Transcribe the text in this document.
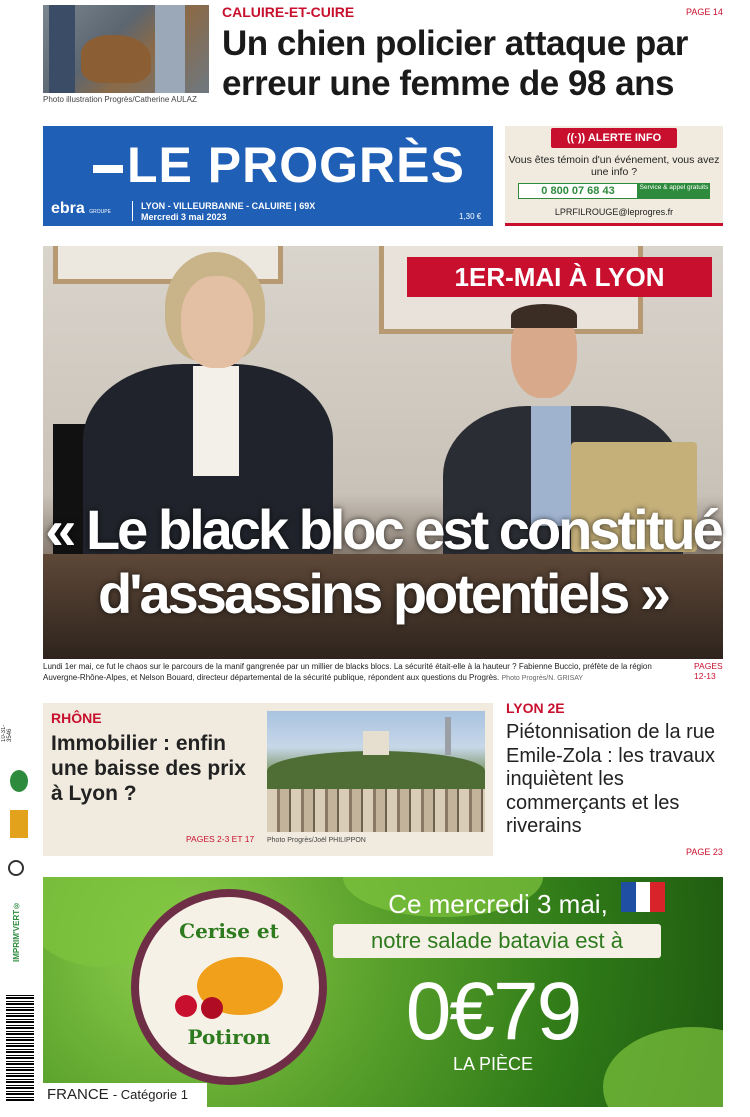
Photo illustration Progrès/Catherine AULAZ
CALUIRE-ET-CUIRE	PAGE 14
Un chien policier attaque par erreur une femme de 98 ans
LE PROGRÈS
ebra GROUPE
LYON - VILLEURBANNE - CALUIRE | 69X
Mercredi 3 mai 2023	1,30 €
((·)) ALERTE INFO
Vous êtes témoin d'un événement, vous avez une info ?
0 800 07 68 43	Service & appel gratuits
LPRFILROUGE@leprogres.fr
1ER-MAI À LYON
« Le black bloc est constitué d'assassins potentiels »
Lundi 1er mai, ce fut le chaos sur le parcours de la manif gangrenée par un millier de blacks blocs. La sécurité était-elle à la hauteur ? Fabienne Buccio, préfète de la région Auvergne-Rhône-Alpes, et Nelson Bouard, directeur départemental de la sécurité publique, répondent aux questions du Progrès. Photo Progrès/N. GRISAY
PAGES 12-13
RHÔNE
Immobilier : enfin une baisse des prix à Lyon ?
PAGES 2-3 ET 17 Photo Progrès/Joël PHILIPPON
LYON 2E
Piétonnisation de la rue Emile-Zola : les travaux inquiètent les commerçants et les riverains
PAGE 23
10-31-3546
IMPRIM'VERT®	Cerise et
Potiron
Ce mercredi 3 mai,
notre salade batavia est à
0€79
LA PIÈCE
FRANCE - Catégorie 1
